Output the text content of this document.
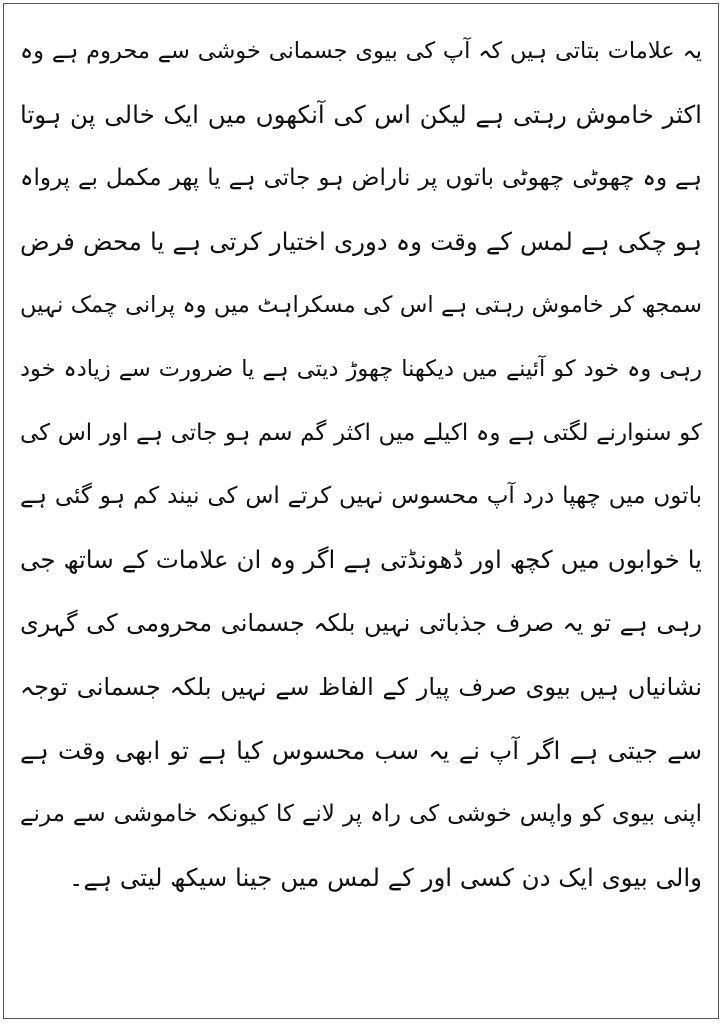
یہ علامات بتاتی ہیں کہ آپ کی بیوی جسمانی خوشی سے محروم ہے وہ
اکثر خاموش رہتی ہے لیکن اس کی آنکھوں میں ایک خالی پن ہوتا
ہے وہ چھوٹی چھوٹی باتوں پر ناراض ہو جاتی ہے یا پھر مکمل بے پرواہ
ہو چکی ہے لمس کے وقت وہ دوری اختیار کرتی ہے یا محض فرض
سمجھ کر خاموش رہتی ہے اس کی مسکراہٹ میں وہ پرانی چمک نہیں
رہی وہ خود کو آئینے میں دیکھنا چھوڑ دیتی ہے یا ضرورت سے زیادہ خود
کو سنوارنے لگتی ہے وہ اکیلے میں اکثر گم سم ہو جاتی ہے اور اس کی
باتوں میں چھپا درد آپ محسوس نہیں کرتے اس کی نیند کم ہو گئی ہے
یا خوابوں میں کچھ اور ڈھونڈتی ہے اگر وہ ان علامات کے ساتھ جی
رہی ہے تو یہ صرف جذباتی نہیں بلکہ جسمانی محرومی کی گہری
نشانیاں ہیں بیوی صرف پیار کے الفاظ سے نہیں بلکہ جسمانی توجہ
سے جیتی ہے اگر آپ نے یہ سب محسوس کیا ہے تو ابھی وقت ہے
اپنی بیوی کو واپس خوشی کی راہ پر لانے کا کیونکہ خاموشی سے مرنے
والی بیوی ایک دن کسی اور کے لمس میں جینا سیکھ لیتی ہے۔
